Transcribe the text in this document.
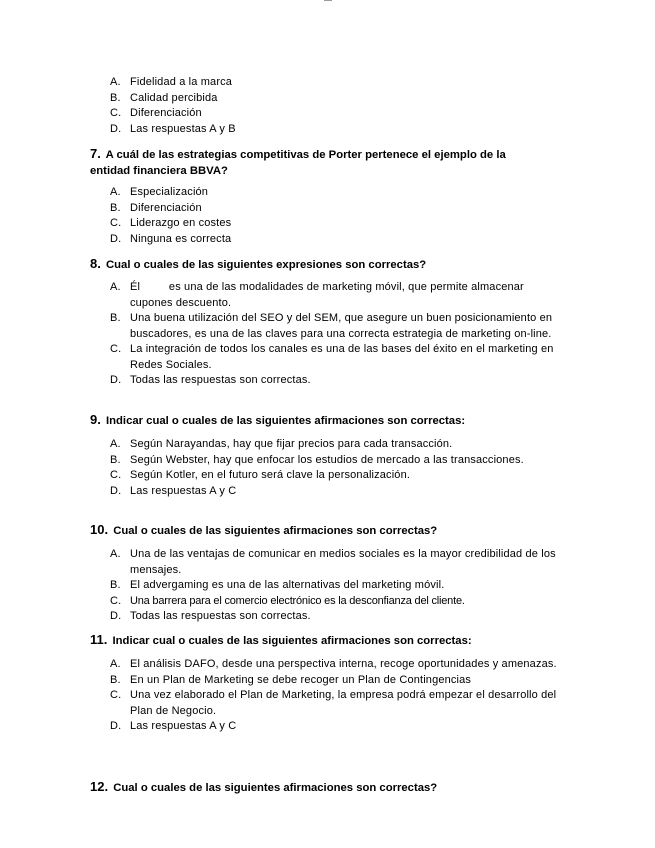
A. Fidelidad a la marca
B. Calidad percibida
C. Diferenciación
D. Las respuestas A y B
7. A cuál de las estrategias competitivas de Porter pertenece el ejemplo de la entidad financiera BBVA?
A. Especialización
B. Diferenciación
C. Liderazgo en costes
D. Ninguna es correcta
8. Cual o cuales de las siguientes expresiones son correctas?
A. Él         es una de las modalidades de marketing móvil, que permite almacenar cupones descuento.
B. Una buena utilización del SEO y del SEM, que asegure un buen posicionamiento en buscadores, es una de las claves para una correcta estrategia de marketing on-line.
C. La integración de todos los canales es una de las bases del éxito en el marketing en Redes Sociales.
D. Todas las respuestas son correctas.
9. Indicar cual o cuales de las siguientes afirmaciones son correctas:
A. Según Narayandas, hay que fijar precios para cada transacción.
B. Según Webster, hay que enfocar los estudios de mercado a las transacciones.
C. Según Kotler, en el futuro será clave la personalización.
D. Las respuestas A y C
10. Cual o cuales de las siguientes afirmaciones son correctas?
A. Una de las ventajas de comunicar en medios sociales es la mayor credibilidad de los mensajes.
B. El advergaming es una de las alternativas del marketing móvil.
C. Una barrera para el comercio electrónico es la desconfianza del cliente.
D. Todas las respuestas son correctas.
11. Indicar cual o cuales de las siguientes afirmaciones son correctas:
A. El análisis DAFO, desde una perspectiva interna, recoge oportunidades y amenazas.
B. En un Plan de Marketing se debe recoger un Plan de Contingencias
C. Una vez elaborado el Plan de Marketing, la empresa podrá empezar el desarrollo del Plan de Negocio.
D. Las respuestas A y C
12. Cual o cuales de las siguientes afirmaciones son correctas?
